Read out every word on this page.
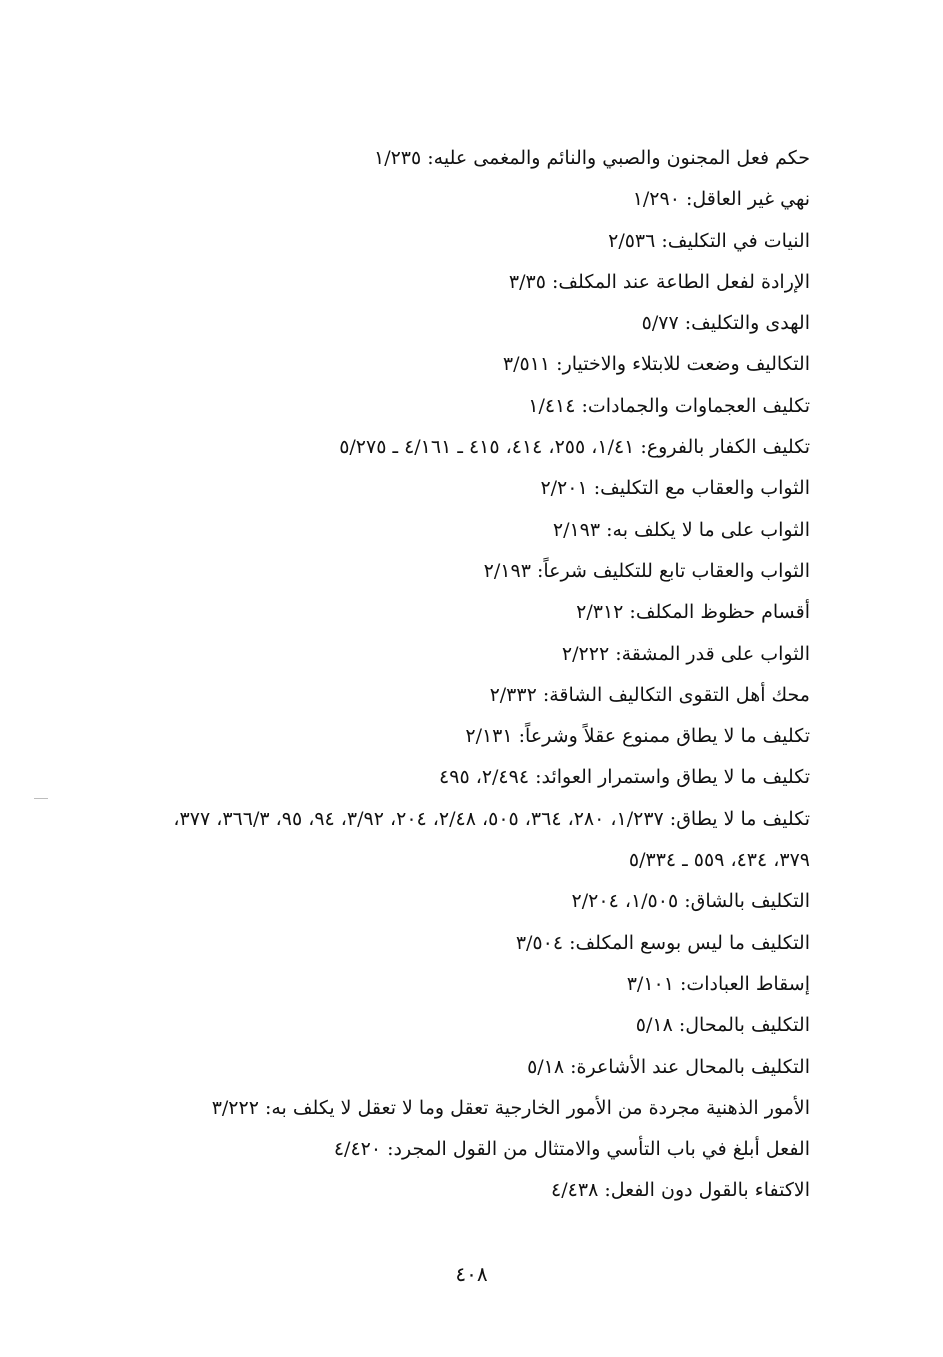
حكم فعل المجنون والصبي والنائم والمغمى عليه: ١/٢٣٥
نهي غير العاقل: ١/٢٩٠
النيات في التكليف: ٢/٥٣٦
الإرادة لفعل الطاعة عند المكلف: ٣/٣٥
الهدى والتكليف: ٥/٧٧
التكاليف وضعت للابتلاء والاختيار: ٣/٥١١
تكليف العجماوات والجمادات: ١/٤١٤
تكليف الكفار بالفروع: ١/٤١، ٢٥٥، ٤١٤، ٤١٥ ـ ٤/١٦١ ـ ٥/٢٧٥
الثواب والعقاب مع التكليف: ٢/٢٠١
الثواب على ما لا يكلف به: ٢/١٩٣
الثواب والعقاب تابع للتكليف شرعاً: ٢/١٩٣
أقسام حظوظ المكلف: ٢/٣١٢
الثواب على قدر المشقة: ٢/٢٢٢
محك أهل التقوى التكاليف الشاقة: ٢/٣٣٢
تكليف ما لا يطاق ممنوع عقلاً وشرعاً: ٢/١٣١
تكليف ما لا يطاق واستمرار العوائد: ٢/٤٩٤، ٤٩٥
تكليف ما لا يطاق: ١/٢٣٧، ٢٨٠، ٣٦٤، ٥٠٥، ٢/٤٨، ٢٠٤، ٣/٩٢، ٩٤، ٩٥، ٣٦٦/٣، ٣٧٧، ٣٧٩، ٤٣٤، ٥٥٩ ـ ٥/٣٣٤
التكليف بالشاق: ١/٥٠٥، ٢/٢٠٤
التكليف ما ليس بوسع المكلف: ٣/٥٠٤
إسقاط العبادات: ٣/١٠١
التكليف بالمحال: ٥/١٨
التكليف بالمحال عند الأشاعرة: ٥/١٨
الأمور الذهنية مجردة من الأمور الخارجية تعقل وما لا تعقل لا يكلف به: ٣/٢٢٢
الفعل أبلغ في باب التأسي والامتثال من القول المجرد: ٤/٤٢٠
الاكتفاء بالقول دون الفعل: ٤/٤٣٨
٤٠٨
